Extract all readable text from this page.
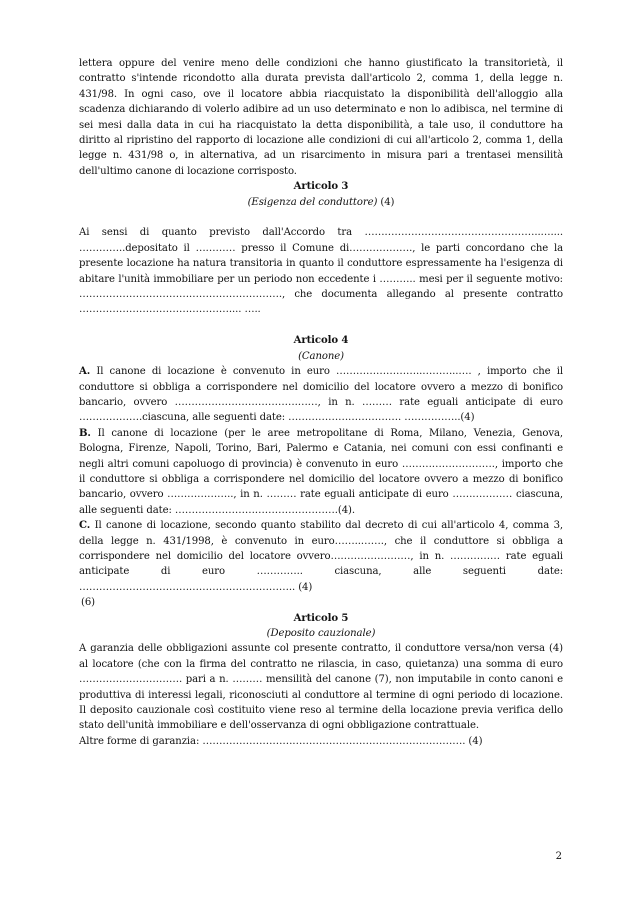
lettera oppure del venire meno delle condizioni che hanno giustificato la transitorietà, il contratto s'intende ricondotto alla durata prevista dall'articolo 2, comma 1, della legge n. 431/98. In ogni caso, ove il locatore abbia riacquistato la disponibilità dell'alloggio alla scadenza dichiarando di volerlo adibire ad un uso determinato e non lo adibisca, nel termine di sei mesi dalla data in cui ha riacquistato la detta disponibilità, a tale uso, il conduttore ha diritto al ripristino del rapporto di locazione alle condizioni di cui all'articolo 2, comma 1, della legge n. 431/98 o, in alternativa, ad un risarcimento in misura pari a trentasei mensilità dell'ultimo canone di locazione corrisposto.

Articolo 3

(Esigenza del conduttore) (4)

Ai sensi di quanto previsto dall'Accordo tra ……………………………………………..….... …………..depositato il ………… presso il Comune di………………., le parti concordano che la presente locazione ha natura transitoria in quanto il conduttore espressamente ha l'esigenza di abitare l'unità immobiliare per un periodo non eccedente i ……….. mesi per il seguente motivo: ……………………………………………………., che documenta allegando al presente contratto ……………………………………….... …..

Articolo 4

(Canone)

A. Il canone di locazione è convenuto in euro ……………………..………..…. , importo che il conduttore si obbliga a corrispondere nel domicilio del locatore ovvero a mezzo di bonifico bancario, ovvero ……………………………….……, in n. ……… rate eguali anticipate di euro ……………….ciascuna, alle seguenti date: ……………………………. ……………..(4)

B. Il canone di locazione (per le aree metropolitane di Roma, Milano, Venezia, Genova, Bologna, Firenze, Napoli, Torino, Bari, Palermo e Catania, nei comuni con essi confinanti e negli altri comuni capoluogo di provincia) è convenuto in euro ………………………., importo che il conduttore si obbliga a corrispondere nel domicilio del locatore ovvero a mezzo di bonifico bancario, ovvero ……………….., in n. ……… rate eguali anticipate di euro ……………… ciascuna, alle seguenti date: ………………………………………….(4).

C. Il canone di locazione, secondo quanto stabilito dal decreto di cui all'articolo 4, comma 3, della legge n. 431/1998, è convenuto in euro……..……., che il conduttore si obbliga a corrispondere nel domicilio del locatore ovvero……………………, in n. …………… rate eguali anticipate di euro ………….. ciascuna, alle seguenti date: ……………………………………………………….. (4)

(6)

Articolo 5

(Deposito cauzionale)

A garanzia delle obbligazioni assunte col presente contratto, il conduttore versa/non versa (4) al locatore (che con la firma del contratto ne rilascia, in caso, quietanza) una somma di euro …………………………. pari a n. ……… mensilità del canone (7), non imputabile in conto canoni e produttiva di interessi legali, riconosciuti al conduttore al termine di ogni periodo di locazione. Il deposito cauzionale così costituito viene reso al termine della locazione previa verifica dello stato dell'unità immobiliare e dell'osservanza di ogni obbligazione contrattuale.

Altre forme di garanzia: ……………………………………………………………………. (4)

2
